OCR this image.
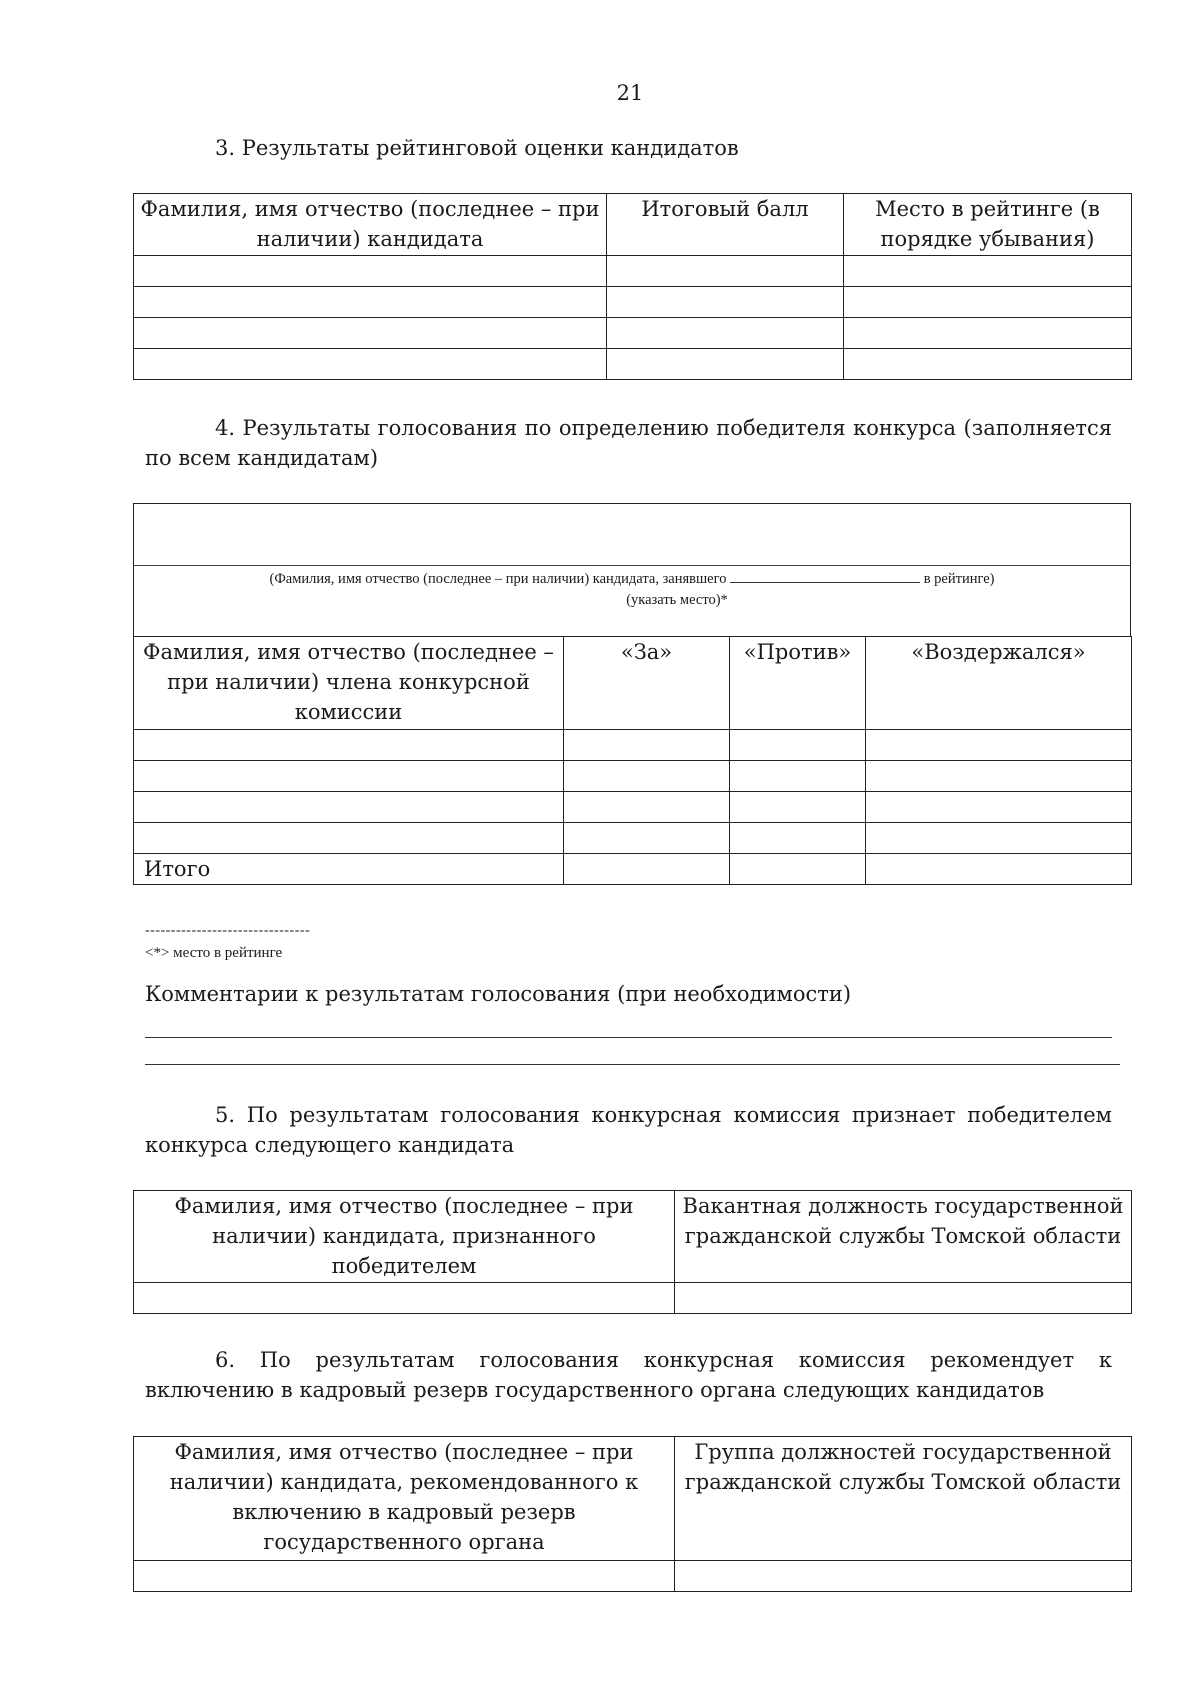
21
3. Результаты рейтинговой оценки кандидатов
Фамилия, имя отчество (последнее – при наличии) кандидата	Итоговый балл	Место в рейтинге (в порядке убывания)

4. Результаты голосования по определению победителя конкурса (заполняется по всем кандидатам)
(Фамилия, имя отчество (последнее – при наличии) кандидата, занявшего	в рейтинге)
(указать место)*
Фамилия, имя отчество (последнее – при наличии) члена конкурсной комиссии	«За»	«Против»	«Воздержался»

Итого			
--------------------------------
<*> место в рейтинге
Комментарии к результатам голосования (при необходимости)
5. По результатам голосования конкурсная комиссия признает победителем конкурса следующего кандидата
Фамилия, имя отчество (последнее – при наличии) кандидата, признанного победителем	Вакантная должность государственной гражданской службы Томской области

6. По результатам голосования конкурсная комиссия рекомендует к включению в кадровый резерв государственного органа следующих кандидатов
Фамилия, имя отчество (последнее – при наличии) кандидата, рекомендованного к включению в кадровый резерв государственного органа	Группа должностей государственной гражданской службы Томской области
